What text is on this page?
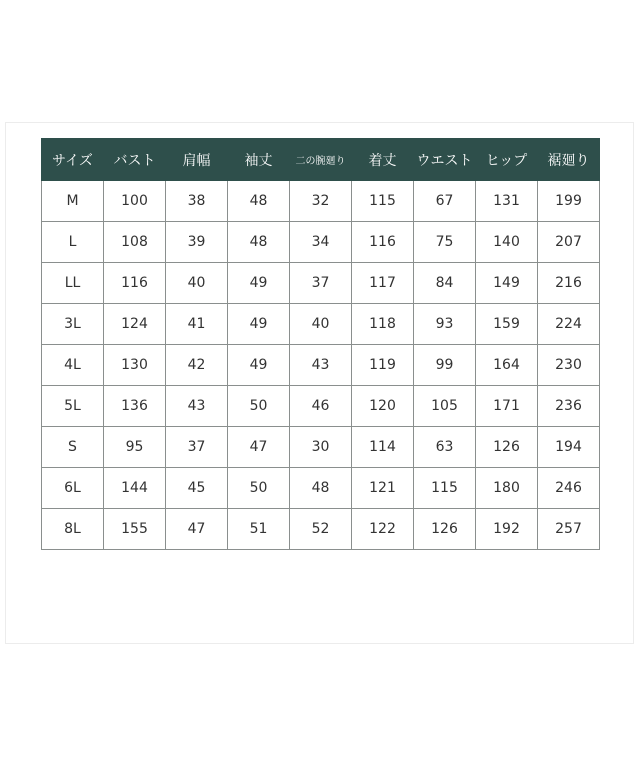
サイズ	バスト	肩幅	袖丈	二の腕廻り	着丈	ウエスト	ヒップ	裾廻り
M	100	38	48	32	115	67	131	199
L	108	39	48	34	116	75	140	207
LL	116	40	49	37	117	84	149	216
3L	124	41	49	40	118	93	159	224
4L	130	42	49	43	119	99	164	230
5L	136	43	50	46	120	105	171	236
S	95	37	47	30	114	63	126	194
6L	144	45	50	48	121	115	180	246
8L	155	47	51	52	122	126	192	257
